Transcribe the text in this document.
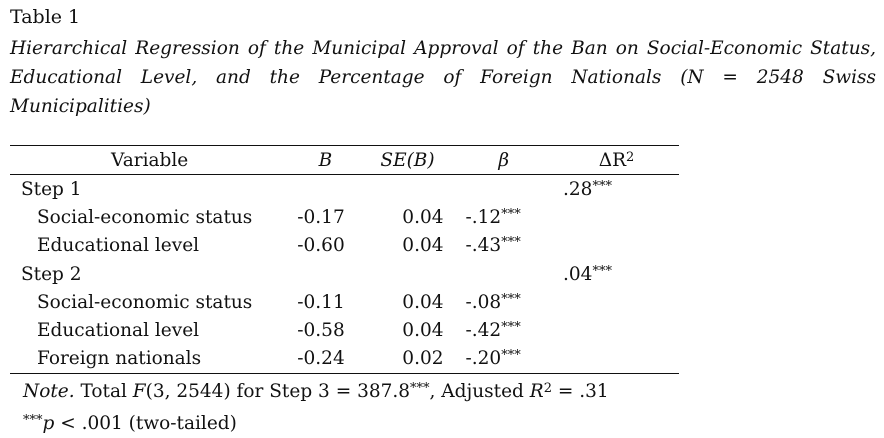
Table 1
Hierarchical Regression of the Municipal Approval of the Ban on Social-Economic Status, Educational Level, and the Percentage of Foreign Nationals (N = 2548 Swiss Municipalities)
Variable	B	SE(B)	β	$\Delta R^2$
Step 1				.28***
Social-economic status	-0.17	0.04	-.12***	
Educational level	-0.60	0.04	-.43***	
Step 2				.04***
Social-economic status	-0.11	0.04	-.08***	
Educational level	-0.58	0.04	-.42***	
Foreign nationals	-0.24	0.02	-.20***	
Note. Total F(3, 2544) for Step 3 = 387.8***, Adjusted $R^2 = .31$
***p < .001 (two-tailed)
